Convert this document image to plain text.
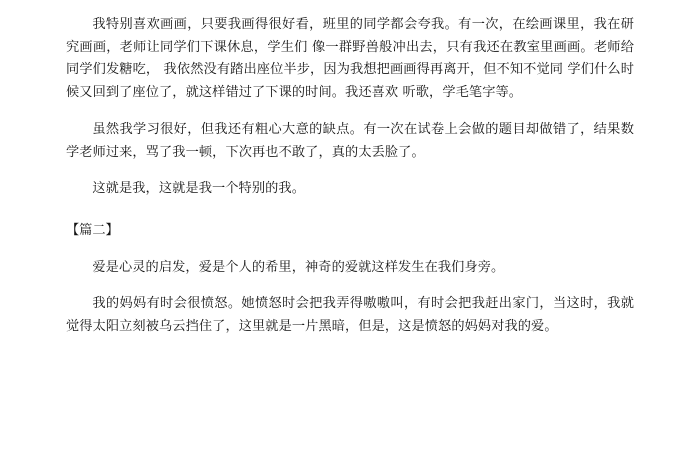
我特别喜欢画画，只要我画得很好看，班里的同学都会夸我。有一次，在绘画课里，我在研究画画，老师让同学们下课休息，学生们 像一群野兽般冲出去，只有我还在教室里画画。老师给同学们发糖吃， 我依然没有踏出座位半步，因为我想把画画得再离开，但不知不觉同 学们什么时候又回到了座位了，就这样错过了下课的时间。我还喜欢 听歌，学毛笔字等。

虽然我学习很好，但我还有粗心大意的缺点。有一次在试卷上会做的题目却做错了，结果数学老师过来，骂了我一顿，下次再也不敢了，真的太丢脸了。

这就是我，这就是我一个特别的我。

【篇二】

爱是心灵的启发，爱是个人的希里，神奇的爱就这样发生在我们身旁。

我的妈妈有时会很愤怒。她愤怒时会把我弄得嗷嗷叫，有时会把我赶出家门，当这时，我就觉得太阳立刻被乌云挡住了，这里就是一片黑暗，但是，这是愤怒的妈妈对我的爱。
